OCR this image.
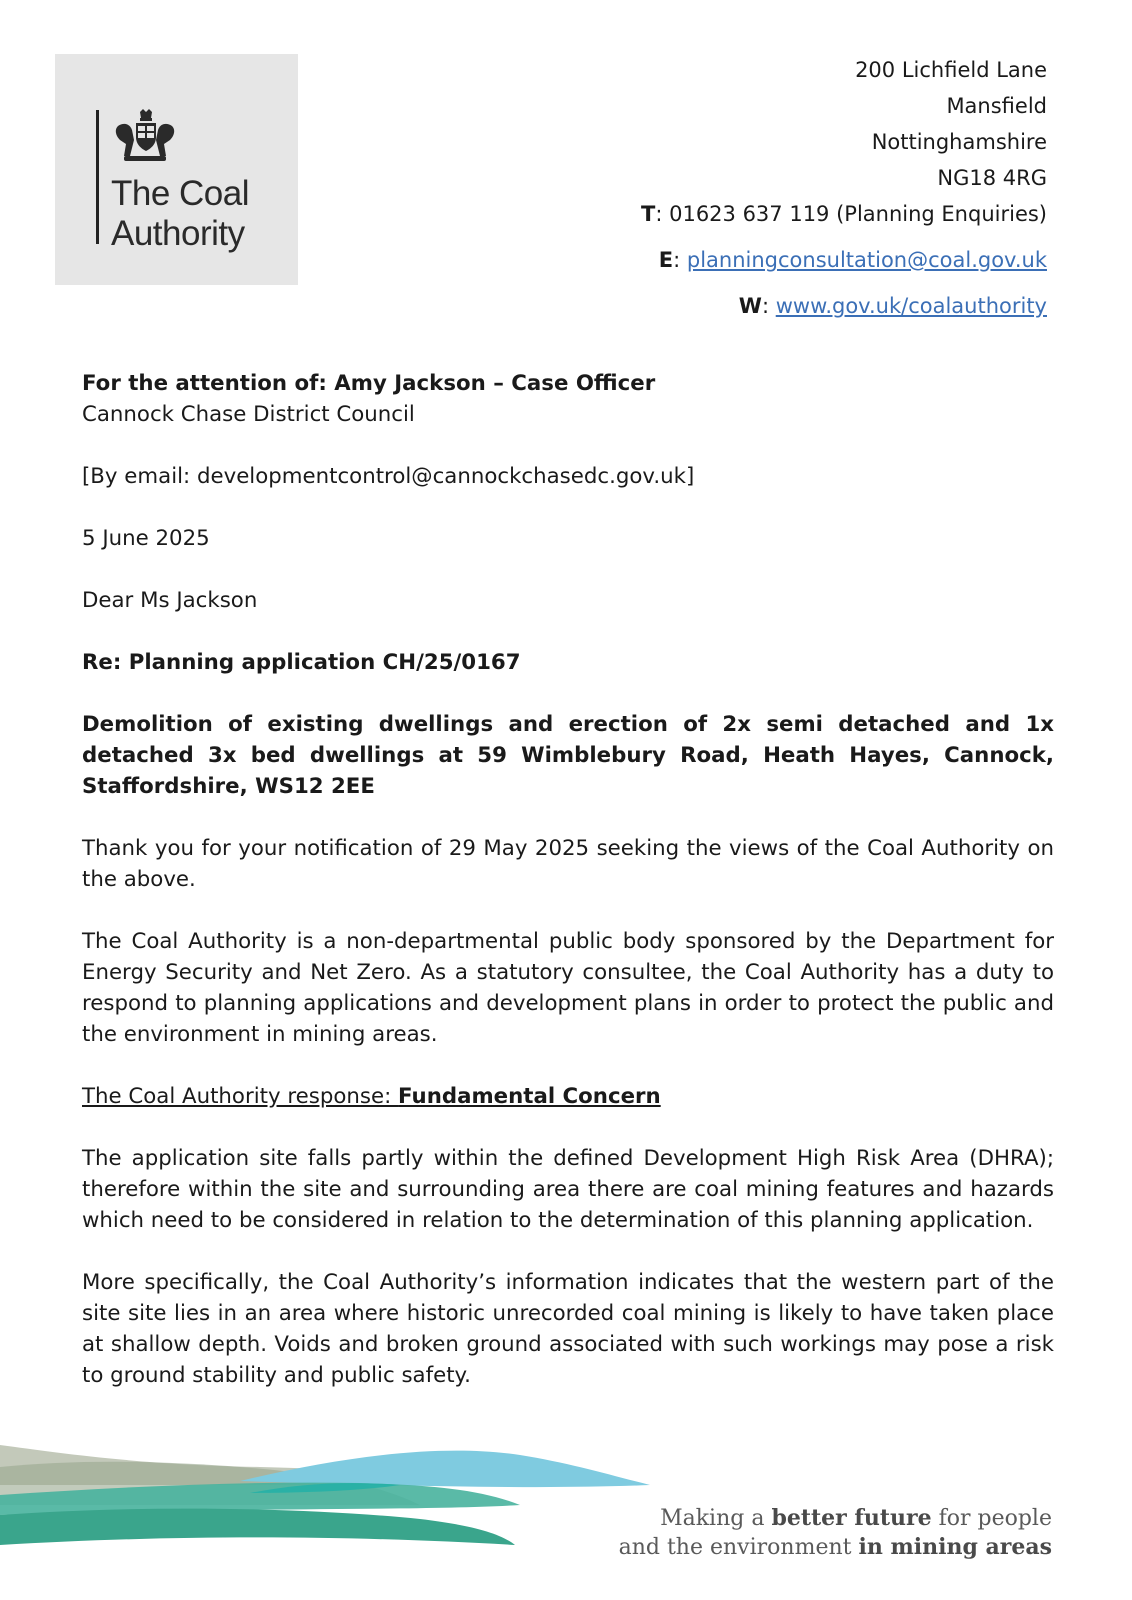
The Coal
Authority
200 Lichfield Lane
Mansfield
Nottinghamshire
NG18 4RG
T: 01623 637 119 (Planning Enquiries)
E: planningconsultation@coal.gov.uk
W: www.gov.uk/coalauthority

For the attention of: Amy Jackson – Case Officer

Cannock Chase District Council

[By email: developmentcontrol@cannockchasedc.gov.uk]

5 June 2025

Dear Ms Jackson

Re: Planning application CH/25/0167

Demolition of existing dwellings and erection of 2x semi detached and 1x detached 3x bed dwellings at 59 Wimblebury Road, Heath Hayes, Cannock, Staffordshire, WS12 2EE

Thank you for your notification of 29 May 2025 seeking the views of the Coal Authority on the above.

The Coal Authority is a non-departmental public body sponsored by the Department for Energy Security and Net Zero. As a statutory consultee, the Coal Authority has a duty to respond to planning applications and development plans in order to protect the public and the environment in mining areas.

The Coal Authority response: Fundamental Concern

The application site falls partly within the defined Development High Risk Area (DHRA); therefore within the site and surrounding area there are coal mining features and hazards which need to be considered in relation to the determination of this planning application.

More specifically, the Coal Authority’s information indicates that the western part of the site site lies in an area where historic unrecorded coal mining is likely to have taken place at shallow depth. Voids and broken ground associated with such workings may pose a risk to ground stability and public safety.

Making a better future for people
and the environment in mining areas
